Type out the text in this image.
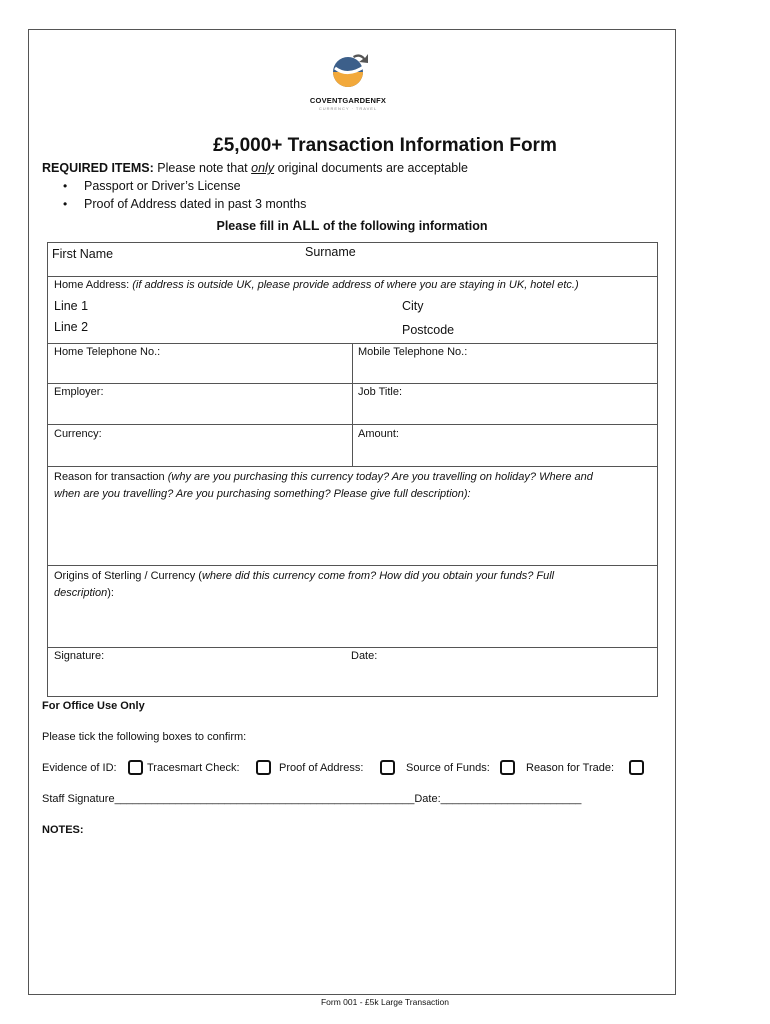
COVENTGARDENFX
CURRENCY · TRAVEL
£5,000+ Transaction Information Form
REQUIRED ITEMS: Please note that only original documents are acceptable
• Passport or Driver’s License
• Proof of Address dated in past 3 months
Please fill in ALL of the following information
First Name	Surname
Home Address: (if address is outside UK, please provide address of where you are staying in UK, hotel etc.)
Line 1	City
Line 2	Postcode
Home Telephone No.:	Mobile Telephone No.:
Employer:	Job Title:
Currency:	Amount:
Reason for transaction (why are you purchasing this currency today? Are you travelling on holiday? Where and
when are you travelling? Are you purchasing something? Please give full description):
Origins of Sterling / Currency (where did this currency come from? How did you obtain your funds? Full
description):
Signature:	Date:
For Office Use Only
Please tick the following boxes to confirm:
Evidence of ID:	Tracesmart Check:	Proof of Address:	Source of Funds:	Reason for Trade:
Staff Signature_________________________________________________Date:_______________________
NOTES:
Form 001 - £5k Large Transaction
